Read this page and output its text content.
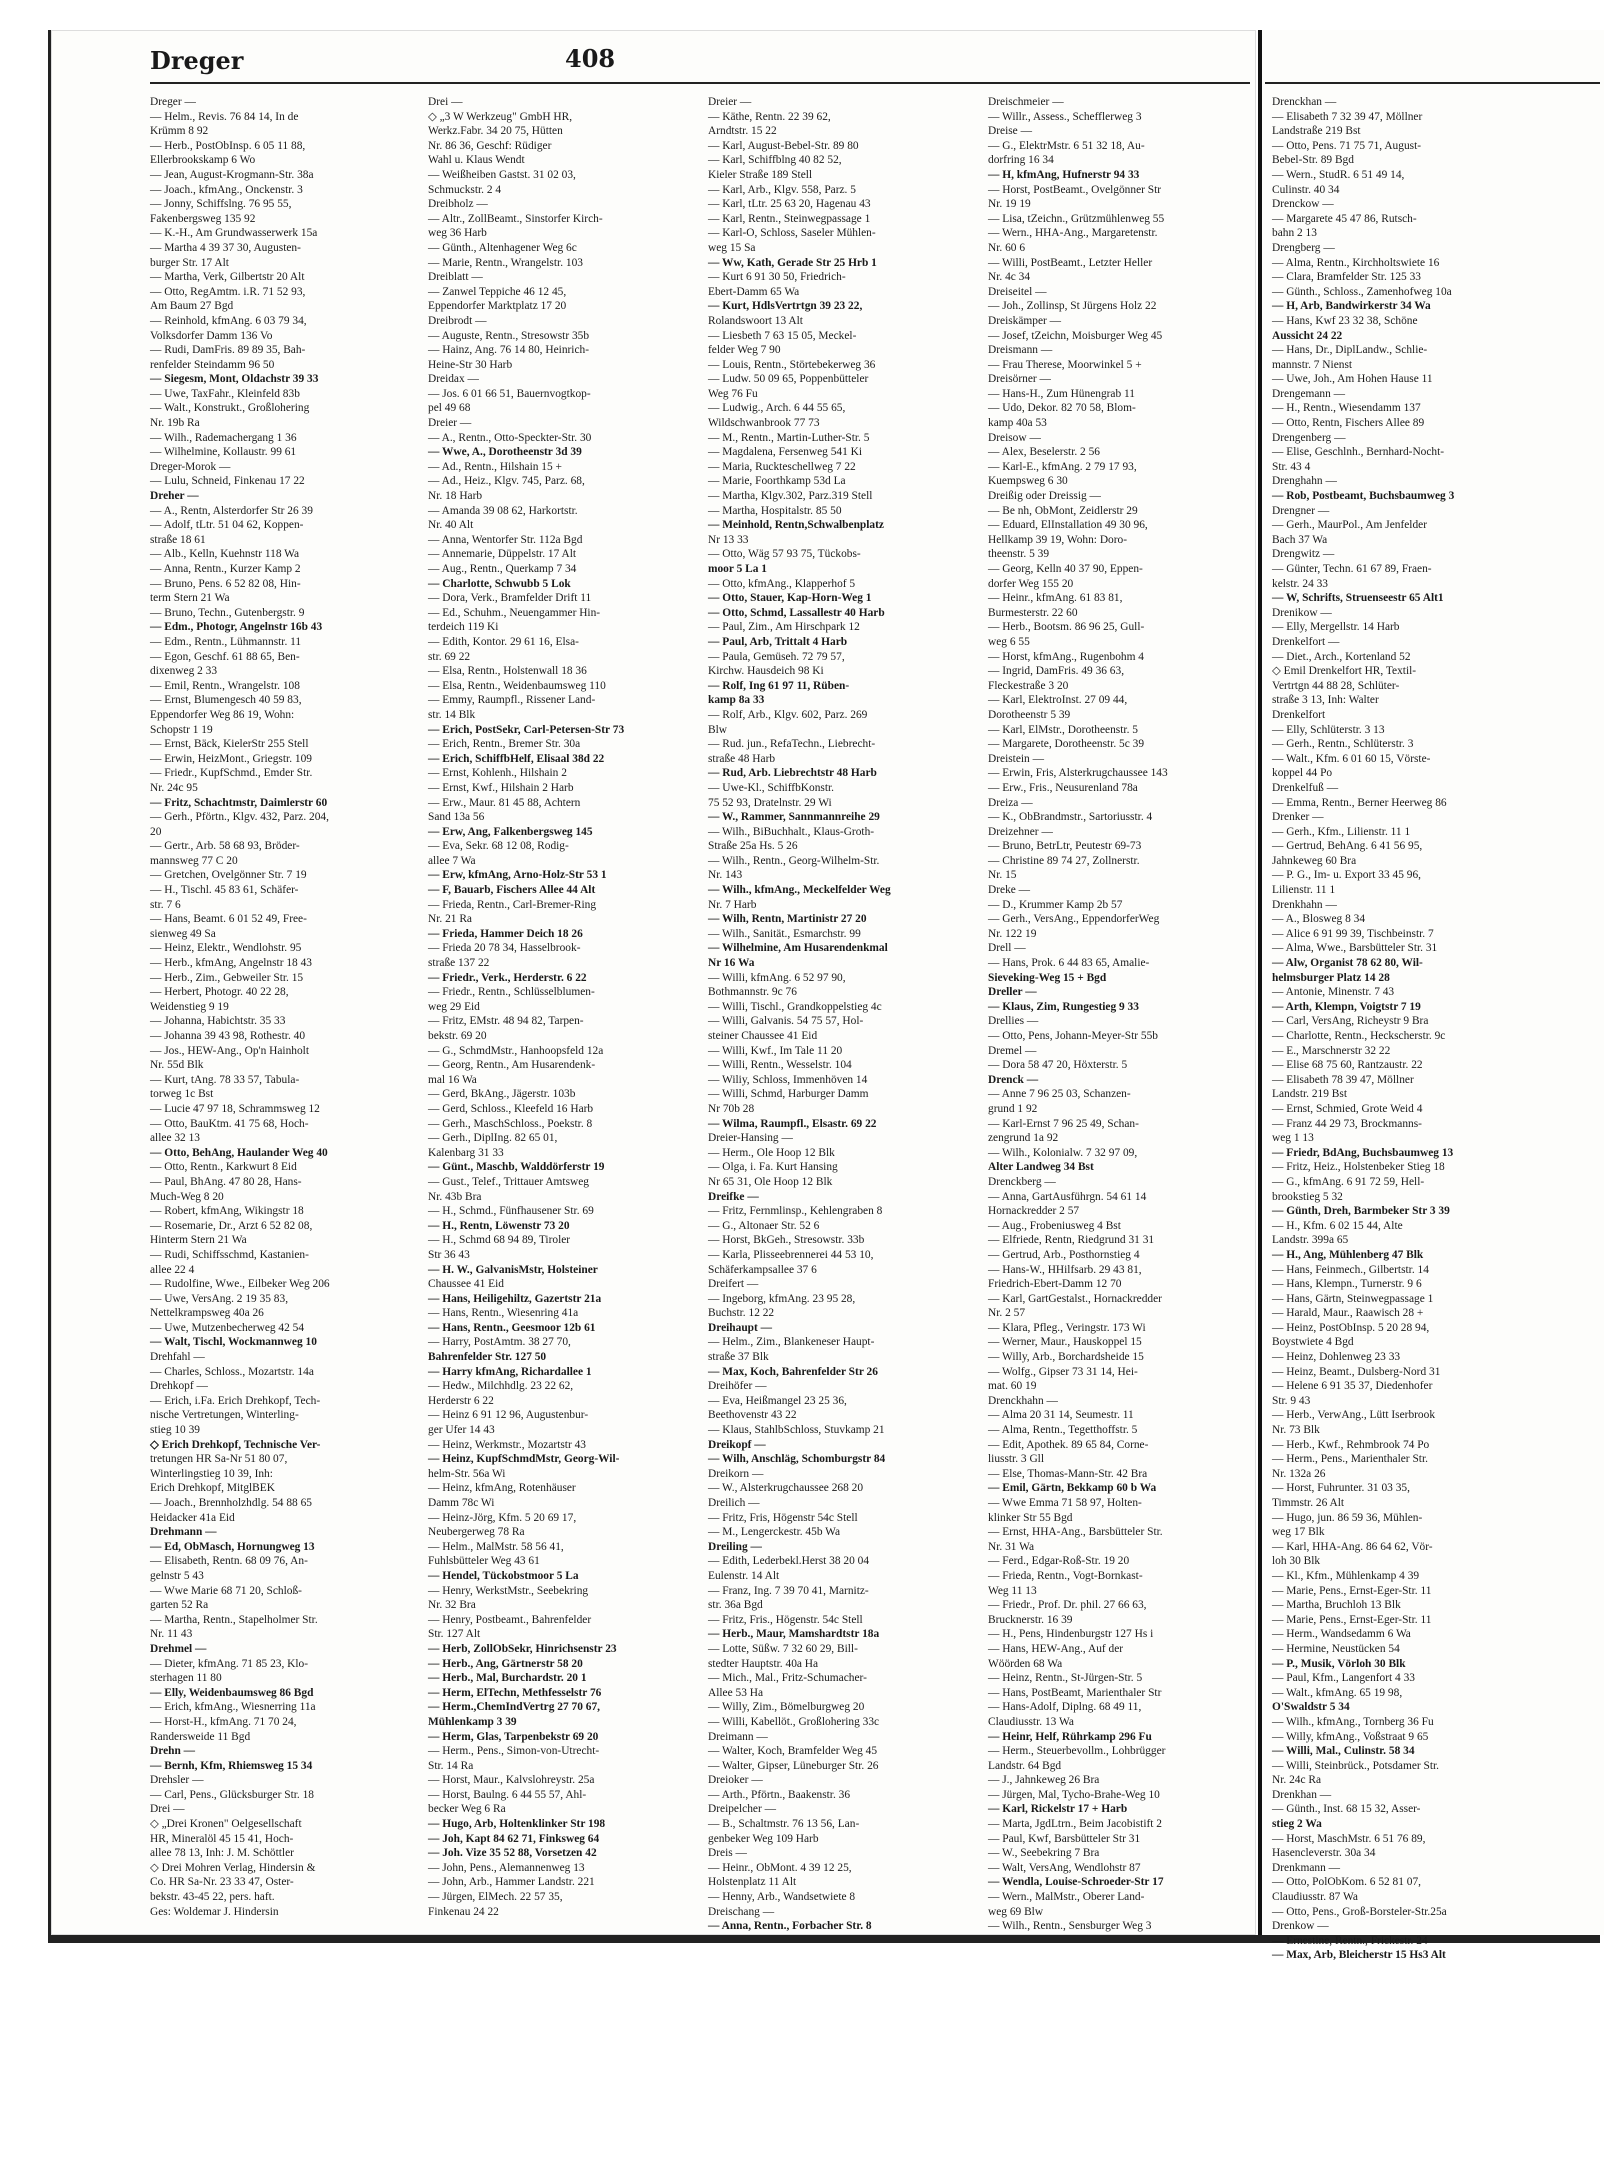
Dreger	408
Dreger —
— Helm., Revis. 76 84 14, In de
Krümm 8 92
— Herb., PostObInsp. 6 05 11 88,
Ellerbrookskamp 6 Wo
— Jean, August-Krogmann-Str. 38a
— Joach., kfmAng., Onckenstr. 3
— Jonny, Schiffslng. 76 95 55,
Fakenbergsweg 135 92
— K.-H., Am Grundwasserwerk 15a
— Martha 4 39 37 30, Augusten-
burger Str. 17 Alt
— Martha, Verk, Gilbertstr 20 Alt
— Otto, RegAmtm. i.R. 71 52 93,
Am Baum 27 Bgd
— Reinhold, kfmAng. 6 03 79 34,
Volksdorfer Damm 136 Vo
— Rudi, DamFris. 89 89 35, Bah-
renfelder Steindamm 96 50
— Siegesm, Mont, Oldachstr 39 33
— Uwe, TaxFahr., Kleinfeld 83b
— Walt., Konstrukt., Großlohering
Nr. 19b Ra
— Wilh., Rademachergang 1 36
— Wilhelmine, Kollaustr. 99 61
Dreger-Morok —
— Lulu, Schneid, Finkenau 17 22
Dreher —
— A., Rentn, Alsterdorfer Str 26 39
— Adolf, tLtr. 51 04 62, Koppen-
straße 18 61
— Alb., Kelln, Kuehnstr 118 Wa
— Anna, Rentn., Kurzer Kamp 2
— Bruno, Pens. 6 52 82 08, Hin-
term Stern 21 Wa
— Bruno, Techn., Gutenbergstr. 9
— Edm., Photogr, Angelnstr 16b 43
— Edm., Rentn., Lühmannstr. 11
— Egon, Geschf. 61 88 65, Ben-
dixenweg 2 33
— Emil, Rentn., Wrangelstr. 108
— Ernst, Blumengesch 40 59 83,
Eppendorfer Weg 86 19, Wohn:
Schopstr 1 19
— Ernst, Bäck, KielerStr 255 Stell
— Erwin, HeizMont., Griegstr. 109
— Friedr., KupfSchmd., Emder Str.
Nr. 24c 95
— Fritz, Schachtmstr, Daimlerstr 60
— Gerh., Pförtn., Klgv. 432, Parz. 204,
20
— Gertr., Arb. 58 68 93, Bröder-
mannsweg 77 C 20
— Gretchen, Ovelgönner Str. 7 19
— H., Tischl. 45 83 61, Schäfer-
str. 7 6
— Hans, Beamt. 6 01 52 49, Free-
sienweg 49 Sa
— Heinz, Elektr., Wendlohstr. 95
— Herb., kfmAng, Angelnstr 18 43
— Herb., Zim., Gebweiler Str. 15
— Herbert, Photogr. 40 22 28,
Weidenstieg 9 19
— Johanna, Habichtstr. 35 33
— Johanna 39 43 98, Rothestr. 40
— Jos., HEW-Ang., Op'n Hainholt
Nr. 55d Blk
— Kurt, tAng. 78 33 57, Tabula-
torweg 1c Bst
— Lucie 47 97 18, Schrammsweg 12
— Otto, BauKtm. 41 75 68, Hoch-
allee 32 13
— Otto, BehAng, Haulander Weg 40
— Otto, Rentn., Karkwurt 8 Eid
— Paul, BhAng. 47 80 28, Hans-
Much-Weg 8 20
— Robert, kfmAng, Wikingstr 18
— Rosemarie, Dr., Arzt 6 52 82 08,
Hinterm Stern 21 Wa
— Rudi, Schiffsschmd, Kastanien-
allee 22 4
— Rudolfine, Wwe., Eilbeker Weg 206
— Uwe, VersAng. 2 19 35 83,
Nettelkrampsweg 40a 26
— Uwe, Mutzenbecherweg 42 54
— Walt, Tischl, Wockmannweg 10
Drehfahl —
— Charles, Schloss., Mozartstr. 14a
Drehkopf —
— Erich, i.Fa. Erich Drehkopf, Tech-
nische Vertretungen, Winterling-
stieg 10 39
◇ Erich Drehkopf, Technische Ver-
tretungen HR Sa-Nr 51 80 07,
Winterlingstieg 10 39, Inh:
Erich Drehkopf, MitglBEK
— Joach., Brennholzhdlg. 54 88 65
Heidacker 41a Eid
Drehmann —
— Ed, ObMasch, Hornungweg 13
— Elisabeth, Rentn. 68 09 76, An-
gelnstr 5 43
— Wwe Marie 68 71 20, Schloß-
garten 52 Ra
— Martha, Rentn., Stapelholmer Str.
Nr. 11 43
Drehmel —
— Dieter, kfmAng. 71 85 23, Klo-
sterhagen 11 80
— Elly, Weidenbaumsweg 86 Bgd
— Erich, kfmAng., Wiesnerring 11a
— Horst-H., kfmAng. 71 70 24,
Randersweide 11 Bgd
Drehn —
— Bernh, Kfm, Rhiemsweg 15 34
Drehsler —
— Carl, Pens., Glücksburger Str. 18
Drei —
◇ „Drei Kronen" Oelgesellschaft
HR, Mineralöl 45 15 41, Hoch-
allee 78 13, Inh: J. M. Schöttler
◇ Drei Mohren Verlag, Hindersin &
Co. HR Sa-Nr. 23 33 47, Oster-
bekstr. 43-45 22, pers. haft.
Ges: Woldemar J. Hindersin
Drei —
◇ „3 W Werkzeug" GmbH HR,
Werkz.Fabr. 34 20 75, Hütten
Nr. 86 36, Geschf: Rüdiger
Wahl u. Klaus Wendt
— Weißheiben Gastst. 31 02 03,
Schmuckstr. 2 4
Dreibholz —
— Altr., ZollBeamt., Sinstorfer Kirch-
weg 36 Harb
— Günth., Altenhagener Weg 6c
— Marie, Rentn., Wrangelstr. 103
Dreiblatt —
— Zanwel Teppiche 46 12 45,
Eppendorfer Marktplatz 17 20
Dreibrodt —
— Auguste, Rentn., Stresowstr 35b
— Hainz, Ang. 76 14 80, Heinrich-
Heine-Str 30 Harb
Dreidax —
— Jos. 6 01 66 51, Bauernvogtkop-
pel 49 68
Dreier —
— A., Rentn., Otto-Speckter-Str. 30
— Wwe, A., Dorotheenstr 3d 39
— Ad., Rentn., Hilshain 15 +
— Ad., Heiz., Klgv. 745, Parz. 68,
Nr. 18 Harb
— Amanda 39 08 62, Harkortstr.
Nr. 40 Alt
— Anna, Wentorfer Str. 112a Bgd
— Annemarie, Düppelstr. 17 Alt
— Aug., Rentn., Querkamp 7 34
— Charlotte, Schwubb 5 Lok
— Dora, Verk., Bramfelder Drift 11
— Ed., Schuhm., Neuengammer Hin-
terdeich 119 Ki
— Edith, Kontor. 29 61 16, Elsa-
str. 69 22
— Elsa, Rentn., Holstenwall 18 36
— Elsa, Rentn., Weidenbaumsweg 110
— Emmy, Raumpfl., Rissener Land-
str. 14 Blk
— Erich, PostSekr, Carl-Petersen-Str 73
— Erich, Rentn., Bremer Str. 30a
— Erich, SchiffbHelf, Elisaal 38d 22
— Ernst, Kohlenh., Hilshain 2
— Ernst, Kwf., Hilshain 2 Harb
— Erw., Maur. 81 45 88, Achtern
Sand 13a 56
— Erw, Ang, Falkenbergsweg 145
— Eva, Sekr. 68 12 08, Rodig-
allee 7 Wa
— Erw, kfmAng, Arno-Holz-Str 53 1
— F, Bauarb, Fischers Allee 44 Alt
— Frieda, Rentn., Carl-Bremer-Ring
Nr. 21 Ra
— Frieda, Hammer Deich 18 26
— Frieda 20 78 34, Hasselbrook-
straße 137 22
— Friedr., Verk., Herderstr. 6 22
— Friedr., Rentn., Schlüsselblumen-
weg 29 Eid
— Fritz, EMstr. 48 94 82, Tarpen-
bekstr. 69 20
— G., SchmdMstr., Hanhoopsfeld 12a
— Georg, Rentn., Am Husarendenk-
mal 16 Wa
— Gerd, BkAng., Jägerstr. 103b
— Gerd, Schloss., Kleefeld 16 Harb
— Gerh., MaschSchloss., Poekstr. 8
— Gerh., DiplIng. 82 65 01,
Kalenbarg 31 33
— Günt., Maschb, Walddörferstr 19
— Gust., Telef., Trittauer Amtsweg
Nr. 43b Bra
— H., Schmd., Fünfhausener Str. 69
— H., Rentn, Löwenstr 73 20
— H., Schmd 68 94 89, Tiroler
Str 36 43
— H. W., GalvanisMstr, Holsteiner
Chaussee 41 Eid
— Hans, Heiligehiltz, Gazertstr 21a
— Hans, Rentn., Wiesenring 41a
— Hans, Rentn., Geesmoor 12b 61
— Harry, PostAmtm. 38 27 70,
Bahrenfelder Str. 127 50
— Harry kfmAng, Richardallee 1
— Hedw., Milchhdlg. 23 22 62,
Herderstr 6 22
— Heinz 6 91 12 96, Augustenbur-
ger Ufer 14 43
— Heinz, Werkmstr., Mozartstr 43
— Heinz, KupfSchmdMstr, Georg-Wil-
helm-Str. 56a Wi
— Heinz, kfmAng, Rotenhäuser
Damm 78c Wi
— Heinz-Jörg, Kfm. 5 20 69 17,
Neubergerweg 78 Ra
— Helm., MalMstr. 58 56 41,
Fuhlsbütteler Weg 43 61
— Hendel, Tückobstmoor 5 La
— Henry, WerkstMstr., Seebekring
Nr. 32 Bra
— Henry, Postbeamt., Bahrenfelder
Str. 127 Alt
— Herb, ZollObSekr, Hinrichsenstr 23
— Herb., Ang, Gärtnerstr 58 20
— Herb., Mal, Burchardstr. 20 1
— Herm, ElTechn, Methfesselstr 76
— Herm.,ChemIndVertrg 27 70 67,
Mühlenkamp 3 39
— Herm, Glas, Tarpenbekstr 69 20
— Herm., Pens., Simon-von-Utrecht-
Str. 14 Ra
— Horst, Maur., Kalvslohreystr. 25a
— Horst, Baulng. 6 44 55 57, Ahl-
becker Weg 6 Ra
— Hugo, Arb, Holtenklinker Str 198
— Joh, Kapt 84 62 71, Finksweg 64
— Joh. Vize 35 52 88, Vorsetzen 42
— John, Pens., Alemannenweg 13
— John, Arb., Hammer Landstr. 221
— Jürgen, ElMech. 22 57 35,
Finkenau 24 22
Dreier —
— Käthe, Rentn. 22 39 62,
Arndtstr. 15 22
— Karl, August-Bebel-Str. 89 80
— Karl, Schiffblng 40 82 52,
Kieler Straße 189 Stell
— Karl, Arb., Klgv. 558, Parz. 5
— Karl, tLtr. 25 63 20, Hagenau 43
— Karl, Rentn., Steinwegpassage 1
— Karl-O, Schloss, Saseler Mühlen-
weg 15 Sa
— Ww, Kath, Gerade Str 25 Hrb 1
— Kurt 6 91 30 50, Friedrich-
Ebert-Damm 65 Wa
— Kurt, HdlsVertrtgn 39 23 22,
Rolandswoort 13 Alt
— Liesbeth 7 63 15 05, Meckel-
felder Weg 7 90
— Louis, Rentn., Störtebekerweg 36
— Ludw. 50 09 65, Poppenbütteler
Weg 76 Fu
— Ludwig., Arch. 6 44 55 65,
Wildschwanbrook 77 73
— M., Rentn., Martin-Luther-Str. 5
— Magdalena, Fersenweg 541 Ki
— Maria, Ruckteschellweg 7 22
— Marie, Foorthkamp 53d La
— Martha, Klgv.302, Parz.319 Stell
— Martha, Hospitalstr. 85 50
— Meinhold, Rentn,Schwalbenplatz
Nr 13 33
— Otto, Wäg 57 93 75, Tückobs-
moor 5 La 1
— Otto, kfmAng., Klapperhof 5
— Otto, Stauer, Kap-Horn-Weg 1
— Otto, Schmd, Lassallestr 40 Harb
— Paul, Zim., Am Hirschpark 12
— Paul, Arb, Trittalt 4 Harb
— Paula, Gemüseh. 72 79 57,
Kirchw. Hausdeich 98 Ki
— Rolf, Ing 61 97 11, Rüben-
kamp 8a 33
— Rolf, Arb., Klgv. 602, Parz. 269
Blw
— Rud. jun., RefaTechn., Liebrecht-
straße 48 Harb
— Rud, Arb. Liebrechtstr 48 Harb
— Uwe-Kl., SchiffbKonstr.
75 52 93, Dratelnstr. 29 Wi
— W., Rammer, Sannmannreihe 29
— Wilh., BiBuchhalt., Klaus-Groth-
Straße 25a Hs. 5 26
— Wilh., Rentn., Georg-Wilhelm-Str.
Nr. 143
— Wilh., kfmAng., Meckelfelder Weg
Nr. 7 Harb
— Wilh, Rentn, Martinistr 27 20
— Wilh., Sanität., Esmarchstr. 99
— Wilhelmine, Am Husarendenkmal
Nr 16 Wa
— Willi, kfmAng. 6 52 97 90,
Bothmannstr. 9c 76
— Willi, Tischl., Grandkoppelstieg 4c
— Willi, Galvanis. 54 75 57, Hol-
steiner Chaussee 41 Eid
— Willi, Kwf., Im Tale 11 20
— Willi, Rentn., Wesselstr. 104
— Wiliy, Schloss, Immenhöven 14
— Willi, Schmd, Harburger Damm
Nr 70b 28
— Wilma, Raumpfl., Elsastr. 69 22
Dreier-Hansing —
— Herm., Ole Hoop 12 Blk
— Olga, i. Fa. Kurt Hansing
Nr 65 31, Ole Hoop 12 Blk
Dreifke —
— Fritz, Fernmlinsp., Kehlengraben 8
— G., Altonaer Str. 52 6
— Horst, BkGeh., Stresowstr. 33b
— Karla, Plisseebrennerei 44 53 10,
Schäferkampsallee 37 6
Dreifert —
— Ingeborg, kfmAng. 23 95 28,
Buchstr. 12 22
Dreihaupt —
— Helm., Zim., Blankeneser Haupt-
straße 37 Blk
— Max, Koch, Bahrenfelder Str 26
Dreihöfer —
— Eva, Heißmangel 23 25 36,
Beethovenstr 43 22
— Klaus, StahlbSchloss, Stuvkamp 21
Dreikopf —
— Wilh, Anschläg, Schomburgstr 84
Dreikorn —
— W., Alsterkrugchaussee 268 20
Dreilich —
— Fritz, Fris, Högenstr 54c Stell
— M., Lengerckestr. 45b Wa
Dreiling —
— Edith, Lederbekl.Herst 38 20 04
Eulenstr. 14 Alt
— Franz, Ing. 7 39 70 41, Marnitz-
str. 36a Bgd
— Fritz, Fris., Högenstr. 54c Stell
— Herb., Maur, Mamshardtstr 18a
— Lotte, Süßw. 7 32 60 29, Bill-
stedter Hauptstr. 40a Ha
— Mich., Mal., Fritz-Schumacher-
Allee 53 Ha
— Willy, Zim., Bömelburgweg 20
— Willi, Kabellöt., Großlohering 33c
Dreimann —
— Walter, Koch, Bramfelder Weg 45
— Walter, Gipser, Lüneburger Str. 26
Dreioker —
— Arth., Pförtn., Baakenstr. 36
Dreipelcher —
— B., Schaltmstr. 76 13 56, Lan-
genbeker Weg 109 Harb
Dreis —
— Heinr., ObMont. 4 39 12 25,
Holstenplatz 11 Alt
— Henny, Arb., Wandsetwiete 8
Dreischang —
— Anna, Rentn., Forbacher Str. 8
Dreischmeier —
— Willr., Assess., Schefflerweg 3
Dreise —
— G., ElektrMstr. 6 51 32 18, Au-
dorfring 16 34
— H, kfmAng, Hufnerstr 94 33
— Horst, PostBeamt., Ovelgönner Str
Nr. 19 19
— Lisa, tZeichn., Grützmühlenweg 55
— Wern., HHA-Ang., Margaretenstr.
Nr. 60 6
— Willi, PostBeamt., Letzter Heller
Nr. 4c 34
Dreiseitel —
— Joh., Zollinsp, St Jürgens Holz 22
Dreiskämper —
— Josef, tZeichn, Moisburger Weg 45
Dreismann —
— Frau Therese, Moorwinkel 5 +
Dreisörner —
— Hans-H., Zum Hünengrab 11
— Udo, Dekor. 82 70 58, Blom-
kamp 40a 53
Dreisow —
— Alex, Beselerstr. 2 56
— Karl-E., kfmAng. 2 79 17 93,
Kuempsweg 6 30
Dreißig oder Dreissig —
— Be nh, ObMont, Zeidlerstr 29
— Eduard, ElInstallation 49 30 96,
Hellkamp 39 19, Wohn: Doro-
theenstr. 5 39
— Georg, Kelln 40 37 90, Eppen-
dorfer Weg 155 20
— Heinr., kfmAng. 61 83 81,
Burmesterstr. 22 60
— Herb., Bootsm. 86 96 25, Gull-
weg 6 55
— Horst, kfmAng., Rugenbohm 4
— Ingrid, DamFris. 49 36 63,
Fleckestraße 3 20
— Karl, ElektroInst. 27 09 44,
Dorotheenstr 5 39
— Karl, ElMstr., Dorotheenstr. 5
— Margarete, Dorotheenstr. 5c 39
Dreistein —
— Erwin, Fris, Alsterkrugchaussee 143
— Erw., Fris., Neusurenland 78a
Dreiza —
— K., ObBrandmstr., Sartoriusstr. 4
Dreizehner —
— Bruno, BetrLtr, Peutestr 69-73
— Christine 89 74 27, Zollnerstr.
Nr. 15
Dreke —
— D., Krummer Kamp 2b 57
— Gerh., VersAng., EppendorferWeg
Nr. 122 19
Drell —
— Hans, Prok. 6 44 83 65, Amalie-
Sieveking-Weg 15 + Bgd
Dreller —
— Klaus, Zim, Rungestieg 9 33
Drellies —
— Otto, Pens, Johann-Meyer-Str 55b
Dremel —
— Dora 58 47 20, Höxterstr. 5
Drenck —
— Anne 7 96 25 03, Schanzen-
grund 1 92
— Karl-Ernst 7 96 25 49, Schan-
zengrund 1a 92
— Wilh., Kolonialw. 7 32 97 09,
Alter Landweg 34 Bst
Drenckberg —
— Anna, GartAusführgn. 54 61 14
Hornackredder 2 57
— Aug., Frobeniusweg 4 Bst
— Elfriede, Rentn, Riedgrund 31 31
— Gertrud, Arb., Posthornstieg 4
— Hans-W., HHilfsarb. 29 43 81,
Friedrich-Ebert-Damm 12 70
— Karl, GartGestalst., Hornackredder
Nr. 2 57
— Klara, Pfleg., Veringstr. 173 Wi
— Werner, Maur., Hauskoppel 15
— Willy, Arb., Borchardsheide 15
— Wolfg., Gipser 73 31 14, Hei-
mat. 60 19
Drenckhahn —
— Alma 20 31 14, Seumestr. 11
— Alma, Rentn., Tegetthoffstr. 5
— Edit, Apothek. 89 65 84, Corne-
liusstr. 3 Gll
— Else, Thomas-Mann-Str. 42 Bra
— Emil, Gärtn, Bekkamp 60 b Wa
— Wwe Emma 71 58 97, Holten-
klinker Str 55 Bgd
— Ernst, HHA-Ang., Barsbütteler Str.
Nr. 31 Wa
— Ferd., Edgar-Roß-Str. 19 20
— Frieda, Rentn., Vogt-Bornkast-
Weg 11 13
— Friedr., Prof. Dr. phil. 27 66 63,
Brucknerstr. 16 39
— H., Pens, Hindenburgstr 127 Hs i
— Hans, HEW-Ang., Auf der
Wöörden 68 Wa
— Heinz, Rentn., St-Jürgen-Str. 5
— Hans, PostBeamt, Marienthaler Str
— Hans-Adolf, Diplng. 68 49 11,
Claudiusstr. 13 Wa
— Heinr, Helf, Rührkamp 296 Fu
— Herm., Steuerbevollm., Lohbrügger
Landstr. 64 Bgd
— J., Jahnkeweg 26 Bra
— Jürgen, Mal, Tycho-Brahe-Weg 10
— Karl, Rickelstr 17 + Harb
— Marta, JgdLtrn., Beim Jacobistift 2
— Paul, Kwf, Barsbütteler Str 31
— W., Seebekring 7 Bra
— Walt, VersAng, Wendlohstr 87
— Wendla, Louise-Schroeder-Str 17
— Wern., MalMstr., Oberer Land-
weg 69 Blw
— Wilh., Rentn., Sensburger Weg 3
Drenckhan —
— Elisabeth 7 32 39 47, Möllner
Landstraße 219 Bst
— Otto, Pens. 71 75 71, August-
Bebel-Str. 89 Bgd
— Wern., StudR. 6 51 49 14,
Culinstr. 40 34
Drenckow —
— Margarete 45 47 86, Rutsch-
bahn 2 13
Drengberg —
— Alma, Rentn., Kirchholtswiete 16
— Clara, Bramfelder Str. 125 33
— Günth., Schloss., Zamenhofweg 10a
— H, Arb, Bandwirkerstr 34 Wa
— Hans, Kwf 23 32 38, Schöne
Aussicht 24 22
— Hans, Dr., DiplLandw., Schlie-
mannstr. 7 Nienst
— Uwe, Joh., Am Hohen Hause 11
Drengemann —
— H., Rentn., Wiesendamm 137
— Otto, Rentn, Fischers Allee 89
Drengenberg —
— Elise, Geschlnh., Bernhard-Nocht-
Str. 43 4
Drenghahn —
— Rob, Postbeamt, Buchsbaumweg 3
Drengner —
— Gerh., MaurPol., Am Jenfelder
Bach 37 Wa
Drengwitz —
— Günter, Techn. 61 67 89, Fraen-
kelstr. 24 33
— W, Schrifts, Struenseestr 65 Alt1
Drenikow —
— Elly, Mergellstr. 14 Harb
Drenkelfort —
— Diet., Arch., Kortenland 52
◇ Emil Drenkelfort HR, Textil-
Vertrtgn 44 88 28, Schlüter-
straße 3 13, Inh: Walter
Drenkelfort
— Elly, Schlüterstr. 3 13
— Gerh., Rentn., Schlüterstr. 3
— Walt., Kfm. 6 01 60 15, Vörste-
koppel 44 Po
Drenkelfuß —
— Emma, Rentn., Berner Heerweg 86
Drenker —
— Gerh., Kfm., Lilienstr. 11 1
— Gertrud, BehAng. 6 41 56 95,
Jahnkeweg 60 Bra
— P. G., Im- u. Export 33 45 96,
Lilienstr. 11 1
Drenkhahn —
— A., Blosweg 8 34
— Alice 6 91 99 39, Tischbeinstr. 7
— Alma, Wwe., Barsbütteler Str. 31
— Alw, Organist 78 62 80, Wil-
helmsburger Platz 14 28
— Antonie, Minenstr. 7 43
— Arth, Klempn, Voigtstr 7 19
— Carl, VersAng, Richeystr 9 Bra
— Charlotte, Rentn., Heckscherstr. 9c
— E., Marschnerstr 32 22
— Elise 68 75 60, Rantzaustr. 22
— Elisabeth 78 39 47, Möllner
Landstr. 219 Bst
— Ernst, Schmied, Grote Weid 4
— Franz 44 29 73, Brockmanns-
weg 1 13
— Friedr, BdAng, Buchsbaumweg 13
— Fritz, Heiz., Holstenbeker Stieg 18
— G., kfmAng. 6 91 72 59, Hell-
brookstieg 5 32
— Günth, Dreh, Barmbeker Str 3 39
— H., Kfm. 6 02 15 44, Alte
Landstr. 399a 65
— H., Ang, Mühlenberg 47 Blk
— Hans, Feinmech., Gilbertstr. 14
— Hans, Klempn., Turnerstr. 9 6
— Hans, Gärtn, Steinwegpassage 1
— Harald, Maur., Raawisch 28 +
— Heinz, PostObInsp. 5 20 28 94,
Boystwiete 4 Bgd
— Heinz, Dohlenweg 23 33
— Heinz, Beamt., Dulsberg-Nord 31
— Helene 6 91 35 37, Diedenhofer
Str. 9 43
— Herb., VerwAng., Lütt Iserbrook
Nr. 73 Blk
— Herb., Kwf., Rehmbrook 74 Po
— Herm., Pens., Marienthaler Str.
Nr. 132a 26
— Horst, Fuhrunter. 31 03 35,
Timmstr. 26 Alt
— Hugo, jun. 86 59 36, Mühlen-
weg 17 Blk
— Karl, HHA-Ang. 86 64 62, Vör-
loh 30 Blk
— Kl., Kfm., Mühlenkamp 4 39
— Marie, Pens., Ernst-Eger-Str. 11
— Martha, Bruchloh 13 Blk
— Marie, Pens., Ernst-Eger-Str. 11
— Herm., Wandsedamm 6 Wa
— Hermine, Neustücken 54
— P., Musik, Vörloh 30 Blk
— Paul, Kfm., Langenfort 4 33
— Walt., kfmAng. 65 19 98,
O'Swaldstr 5 34
— Wilh., kfmAng., Tornberg 36 Fu
— Willy, kfmAng., Voßstraat 9 65
— Willi, Mal., Culinstr. 58 34
— Willi, Steinbrück., Potsdamer Str.
Nr. 24c Ra
Drenkhan —
— Günth., Inst. 68 15 32, Asser-
stieg 2 Wa
— Horst, MaschMstr. 6 51 76 89,
Hasencleverstr. 30a 34
Drenkmann —
— Otto, PolObKom. 6 52 81 07,
Claudiusstr. 87 Wa
— Otto, Pens., Groß-Borsteler-Str.25a
Drenkow —
— Ernestine, Rentn., Frickestr. 24
— Max, Arb, Bleicherstr 15 Hs3 Alt
